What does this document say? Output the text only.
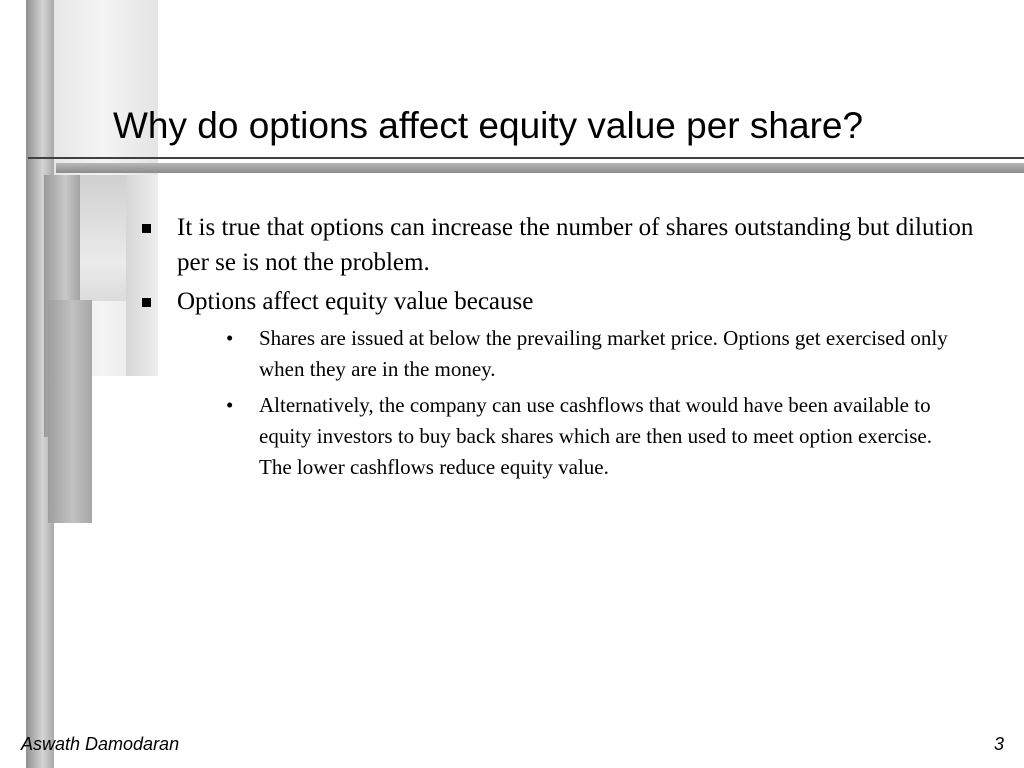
Why do options affect equity value per share?
It is true that options can increase the number of shares outstanding but dilution per se is not the problem.
Options affect equity value because
• Shares are issued at below the prevailing market price. Options get exercised only when they are in the money.
• Alternatively, the company can use cashflows that would have been available to equity investors to buy back shares which are then used to meet option exercise. The lower cashflows reduce equity value.
Aswath Damodaran	3
